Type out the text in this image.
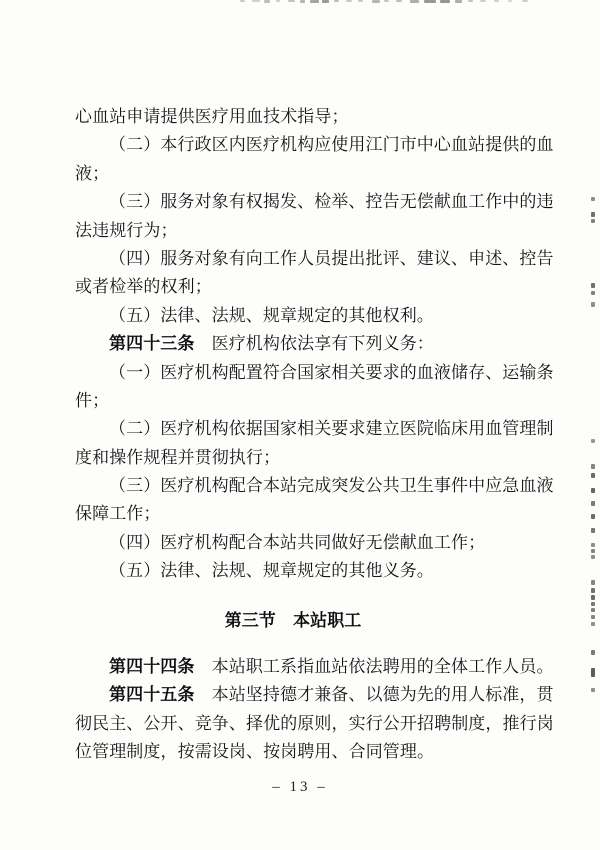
心血站申请提供医疗用血技术指导；
（二）本行政区内医疗机构应使用江门市中心血站提供的血
液；
（三）服务对象有权揭发、检举、控告无偿献血工作中的违
法违规行为；
（四）服务对象有向工作人员提出批评、建议、申述、控告
或者检举的权利；
（五）法律、法规、规章规定的其他权利。
第四十三条　医疗机构依法享有下列义务：
（一）医疗机构配置符合国家相关要求的血液储存、运输条
件；
（二）医疗机构依据国家相关要求建立医院临床用血管理制
度和操作规程并贯彻执行；
（三）医疗机构配合本站完成突发公共卫生事件中应急血液
保障工作；
（四）医疗机构配合本站共同做好无偿献血工作；
（五）法律、法规、规章规定的其他义务。
第三节　本站职工
第四十四条　本站职工系指血站依法聘用的全体工作人员。
第四十五条　本站坚持德才兼备、以德为先的用人标准，贯
彻民主、公开、竞争、择优的原则，实行公开招聘制度，推行岗
位管理制度，按需设岗、按岗聘用、合同管理。
– 13 –
